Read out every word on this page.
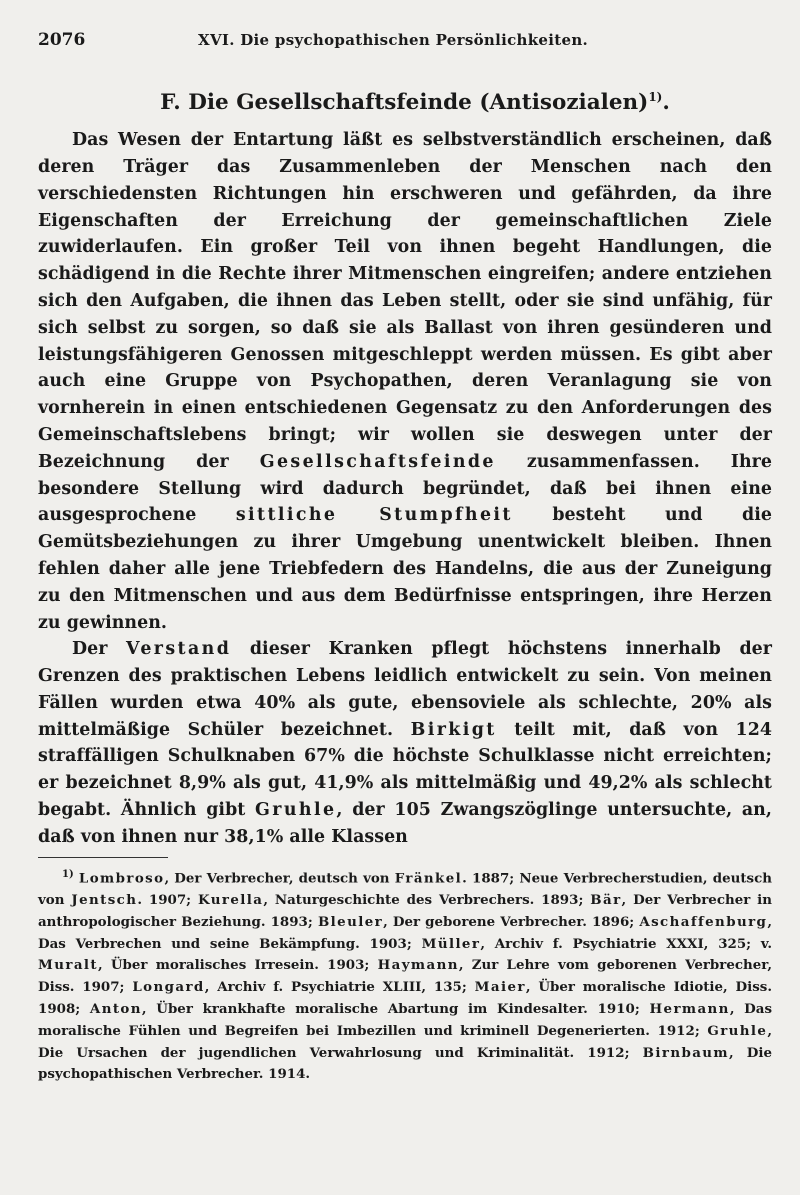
2076	XVI. Die psychopathischen Persönlichkeiten.
F. Die Gesellschaftsfeinde (Antisozialen)$^{1)}$.

Das Wesen der Entartung läßt es selbstverständlich erscheinen, daß deren Träger das Zusammenleben der Menschen nach den verschiedensten Richtungen hin erschweren und gefährden, da ihre Eigenschaften der Erreichung der gemeinschaftlichen Ziele zuwiderlaufen. Ein großer Teil von ihnen begeht Handlungen, die schädigend in die Rechte ihrer Mitmenschen eingreifen; andere entziehen sich den Aufgaben, die ihnen das Leben stellt, oder sie sind unfähig, für sich selbst zu sorgen, so daß sie als Ballast von ihren gesünderen und leistungsfähigeren Genossen mitgeschleppt werden müssen. Es gibt aber auch eine Gruppe von Psychopathen, deren Veranlagung sie von vornherein in einen entschiedenen Gegensatz zu den Anforderungen des Gemeinschaftslebens bringt; wir wollen sie deswegen unter der Bezeichnung der Gesellschaftsfeinde zusammenfassen. Ihre besondere Stellung wird dadurch begründet, daß bei ihnen eine ausgesprochene sittliche Stumpfheit besteht und die Gemütsbeziehungen zu ihrer Umgebung unentwickelt bleiben. Ihnen fehlen daher alle jene Triebfedern des Handelns, die aus der Zuneigung zu den Mitmenschen und aus dem Bedürfnisse entspringen, ihre Herzen zu gewinnen.

Der Verstand dieser Kranken pflegt höchstens innerhalb der Grenzen des praktischen Lebens leidlich entwickelt zu sein. Von meinen Fällen wurden etwa 40% als gute, ebensoviele als schlechte, 20% als mittelmäßige Schüler bezeichnet. Birkigt teilt mit, daß von 124 straffälligen Schulknaben 67% die höchste Schulklasse nicht erreichten; er bezeichnet 8,9% als gut, 41,9% als mittelmäßig und 49,2% als schlecht begabt. Ähnlich gibt Gruhle, der 105 Zwangszöglinge untersuchte, an, daß von ihnen nur 38,1% alle Klassen

$^{1)}$ Lombroso, Der Verbrecher, deutsch von Fränkel. 1887; Neue Verbrecherstudien, deutsch von Jentsch. 1907; Kurella, Naturgeschichte des Verbrechers. 1893; Bär, Der Verbrecher in anthropologischer Beziehung. 1893; Bleuler, Der geborene Verbrecher. 1896; Aschaffenburg, Das Verbrechen und seine Bekämpfung. 1903; Müller, Archiv f. Psychiatrie XXXI, 325; v. Muralt, Über moralisches Irresein. 1903; Haymann, Zur Lehre vom geborenen Verbrecher, Diss. 1907; Longard, Archiv f. Psychiatrie XLIII, 135; Maier, Über moralische Idiotie, Diss. 1908; Anton, Über krankhafte moralische Abartung im Kindesalter. 1910; Hermann, Das moralische Fühlen und Begreifen bei Imbezillen und kriminell Degenerierten. 1912; Gruhle, Die Ursachen der jugendlichen Verwahrlosung und Kriminalität. 1912; Birnbaum, Die psychopathischen Verbrecher. 1914.
